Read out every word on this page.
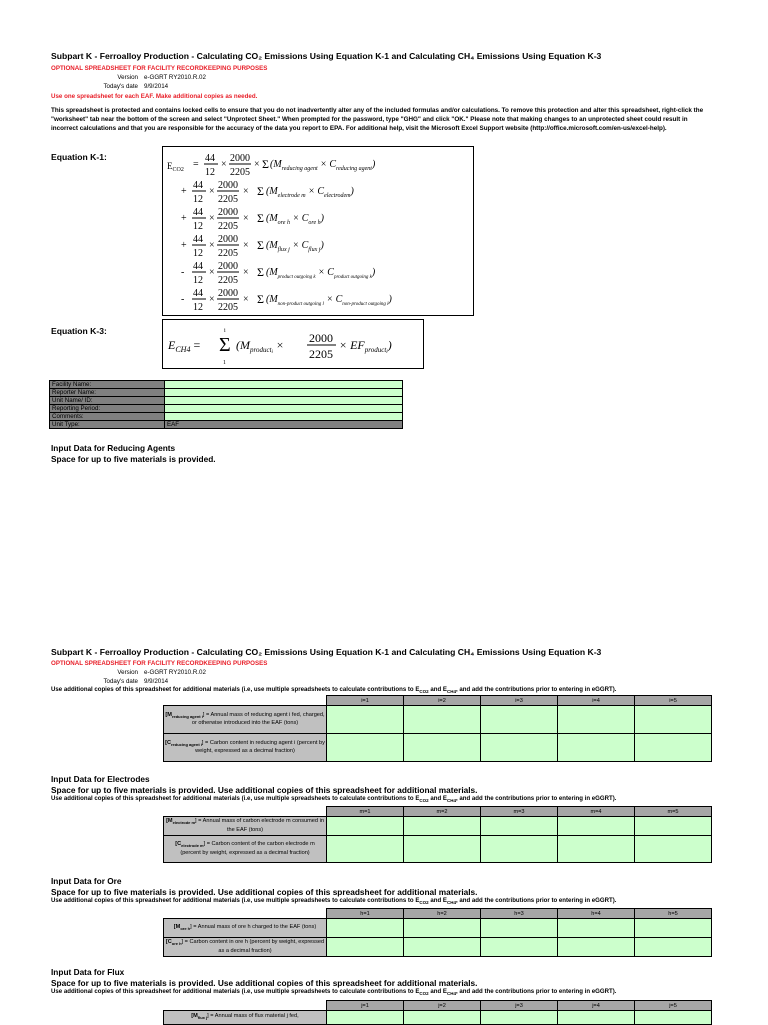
Subpart K - Ferroalloy Production - Calculating CO₂ Emissions Using Equation K-1 and Calculating CH₄ Emissions Using Equation K-3
OPTIONAL SPREADSHEET FOR FACILITY RECORDKEEPING PURPOSES
Version e-GGRT RY2010.R.02
Today's date 9/9/2014
Use one spreadsheet for each EAF. Make additional copies as needed.
This spreadsheet is protected and contains locked cells to ensure that you do not inadvertently alter any of the included formulas and/or calculations. To remove this protection and alter this spreadsheet, right-click the "worksheet" tab near the bottom of the screen and select "Unprotect Sheet." When prompted for the password, type "GHG" and click "OK." Please note that making changes to an unprotected sheet could result in incorrect calculations and that you are responsible for the accuracy of the data you report to EPA. For additional help, visit the Microsoft Excel Support website (http://office.microsoft.com/en-us/excel-help).
Equation K-1:
$E_{CO2}$ =
44
12
×
2000
2205
× Σ $(M_{reducing agent} \times C_{reducing agent})$
+
44
12
×
2000
2205
× Σ $(M_{electrode m} \times C_{electrodem})$
+
44
12
×
2000
2205
× Σ $(M_{ore h} \times C_{ore h})$
+
44
12
×
2000
2205
× Σ $(M_{flux j} \times C_{flux j})$
-
44
12
×
2000
2205
× Σ $(M_{product outgoing k} \times C_{product outgoing k})$
-
44
12
×
2000
2205
× Σ $(M_{non-product outgoing l} \times C_{non-product outgoing l})$
Equation K-3:
$E_{CH4} = \Sigma$
i
1
($M_{product}i \times 2000$
2205
× $EF_{product}i$)
Facility Name:	
Reporter Name:	
Unit Name/ ID:	
Reporting Period:	
Comments:	
Unit Type:	EAF
Input Data for Reducing Agents
Space for up to five materials is provided.
Subpart K - Ferroalloy Production - Calculating CO₂ Emissions Using Equation K-1 and Calculating CH₄ Emissions Using Equation K-3
OPTIONAL SPREADSHEET FOR FACILITY RECORDKEEPING PURPOSES
Version e-GGRT RY2010.R.02
Today's date 9/9/2014
Use additional copies of this spreadsheet for additional materials (i.e, use multiple spreadsheets to calculate contributions to $E_{CO2}$ and $E_{CH4}$, and add the contributions prior to entering in eGGRT).
	i=1	i=2	i=3	i=4	i=5
$[M_{reducing agent i}]$ = Annual mass of reducing agent i fed, charged, or otherwise introduced into the EAF (tons)					
$[C_{reducing agent i}]$ = Carbon content in reducing agent i (percent by weight, expressed as a decimal fraction)					
Input Data for Electrodes
Space for up to five materials is provided. Use additional copies of this spreadsheet for additional materials.
Use additional copies of this spreadsheet for additional materials (i.e, use multiple spreadsheets to calculate contributions to $E_{CO2}$ and $E_{CH4}$, and add the contributions prior to entering in eGGRT).
	m=1	m=2	m=3	m=4	m=5
$[M_{electrode m}]$ = Annual mass of carbon electrode m consumed in the EAF (tons)					
$[C_{electrode m}]$ = Carbon content of the carbon electrode m (percent by weight, expressed as a decimal fraction)					
Input Data for Ore
Space for up to five materials is provided. Use additional copies of this spreadsheet for additional materials.
Use additional copies of this spreadsheet for additional materials (i.e, use multiple spreadsheets to calculate contributions to $E_{CO2}$ and $E_{CH4}$, and add the contributions prior to entering in eGGRT).
	h=1	h=2	h=3	h=4	h=5
$[M_{ore h}]$ = Annual mass of ore h charged to the EAF (tons)					
$[C_{ore h}]$ = Carbon content in ore h (percent by weight, expressed as a decimal fraction)					
Input Data for Flux
Space for up to five materials is provided. Use additional copies of this spreadsheet for additional materials.
Use additional copies of this spreadsheet for additional materials (i.e, use multiple spreadsheets to calculate contributions to $E_{CO2}$ and $E_{CH4}$, and add the contributions prior to entering in eGGRT).
	j=1	j=2	j=3	j=4	j=5
$[M_{flux j}]$ = Annual mass of flux material j fed,					
